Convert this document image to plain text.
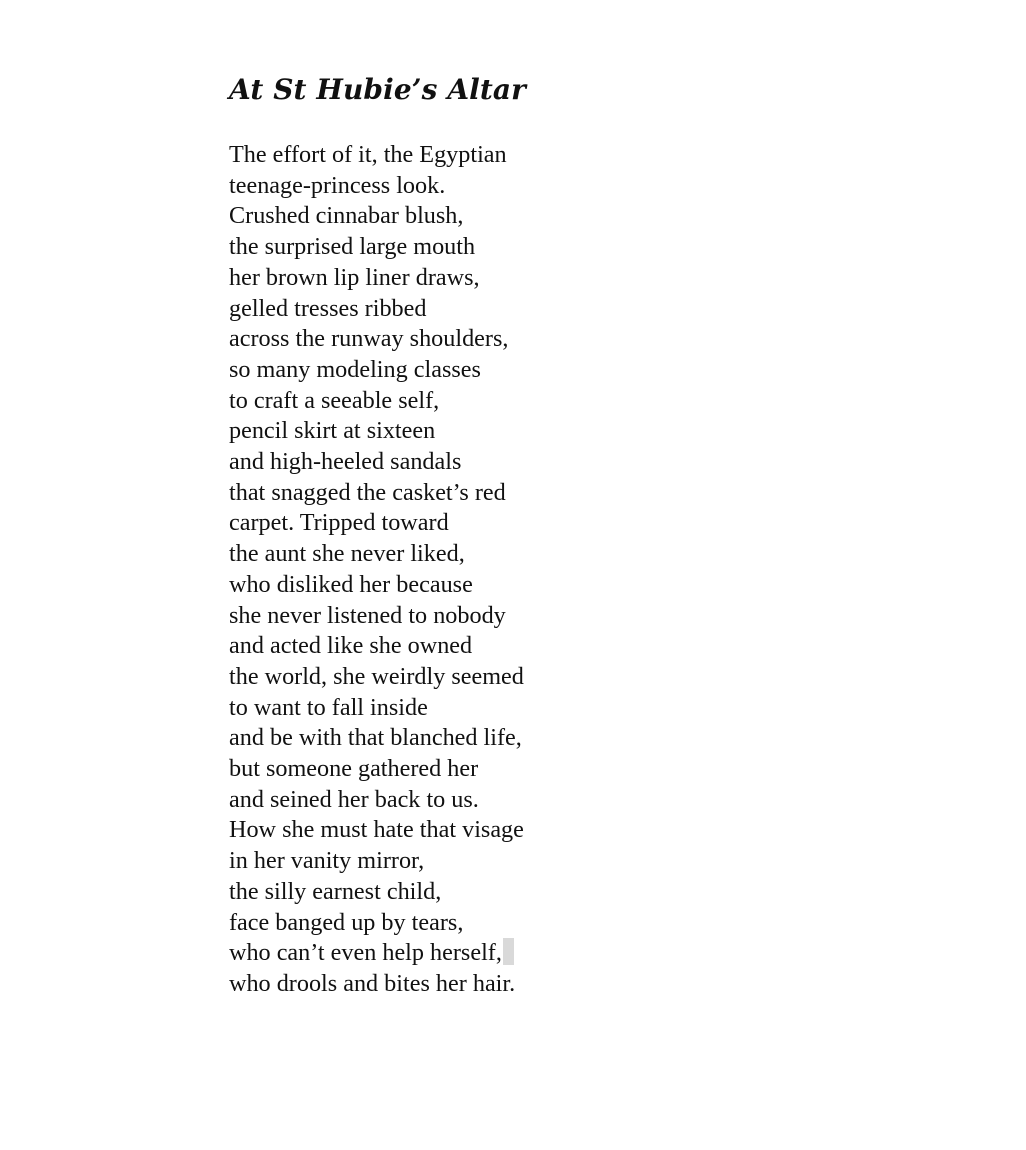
At St Hubie’s Altar
The effort of it, the Egyptian
teenage-princess look.
Crushed cinnabar blush,
the surprised large mouth
her brown lip liner draws,
gelled tresses ribbed
across the runway shoulders,
so many modeling classes
to craft a seeable self,
pencil skirt at sixteen
and high-heeled sandals
that snagged the casket’s red
carpet. Tripped toward
the aunt she never liked,
who disliked her because
she never listened to nobody
and acted like she owned
the world, she weirdly seemed
to want to fall inside
and be with that blanched life,
but someone gathered her
and seined her back to us.
How she must hate that visage
in her vanity mirror,
the silly earnest child,
face banged up by tears,
who can’t even help herself,
who drools and bites her hair.
